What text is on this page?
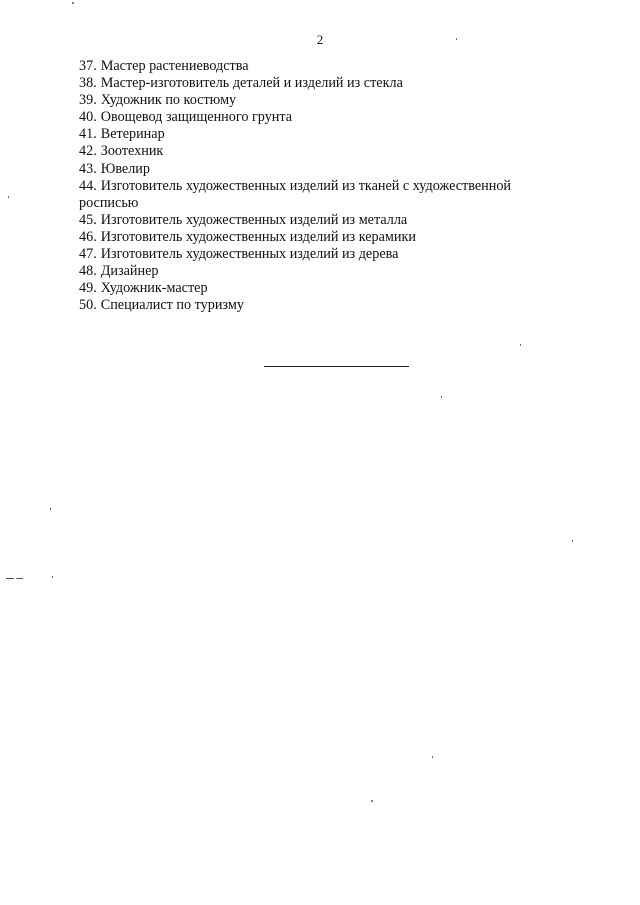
2
37. Мастер растениеводства
38. Мастер-изготовитель деталей и изделий из стекла
39. Художник по костюму
40. Овощевод защищенного грунта
41. Ветеринар
42. Зоотехник
43. Ювелир
44. Изготовитель художественных изделий из тканей с художественной
росписью
45. Изготовитель художественных изделий из металла
46. Изготовитель художественных изделий из керамики
47. Изготовитель художественных изделий из дерева
48. Дизайнер
49. Художник-мастер
50. Специалист по туризму
